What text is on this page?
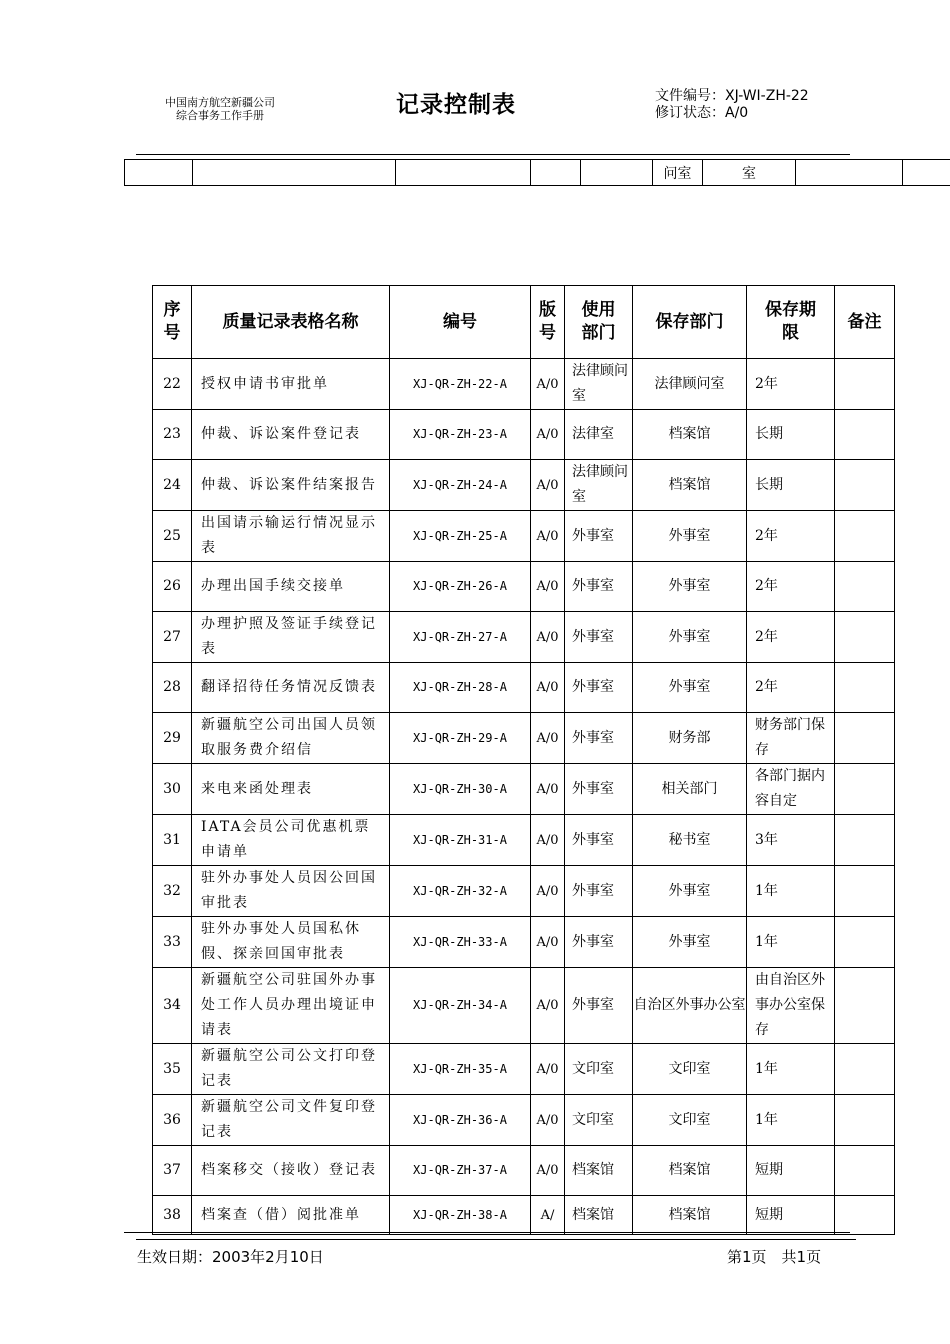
中国南方航空新疆公司
综合事务工作手册	记录控制表	文件编号：XJ-WI-ZH-22
修订状态：A/0
					问室	室		
序号	质量记录表格名称	编号	版号	使用部门	保存部门	保存期限	备注
22	授权申请书审批单	XJ-QR-ZH-22-A	A/0	法律顾问室	法律顾问室	2年	
23	仲裁、诉讼案件登记表	XJ-QR-ZH-23-A	A/0	法律室	档案馆	长期	
24	仲裁、诉讼案件结案报告	XJ-QR-ZH-24-A	A/0	法律顾问室	档案馆	长期	
25	出国请示输运行情况显示表	XJ-QR-ZH-25-A	A/0	外事室	外事室	2年	
26	办理出国手续交接单	XJ-QR-ZH-26-A	A/0	外事室	外事室	2年	
27	办理护照及签证手续登记表	XJ-QR-ZH-27-A	A/0	外事室	外事室	2年	
28	翻译招待任务情况反馈表	XJ-QR-ZH-28-A	A/0	外事室	外事室	2年	
29	新疆航空公司出国人员领取服务费介绍信	XJ-QR-ZH-29-A	A/0	外事室	财务部	财务部门保存	
30	来电来函处理表	XJ-QR-ZH-30-A	A/0	外事室	相关部门	各部门据内容自定	
31	IATA会员公司优惠机票申请单	XJ-QR-ZH-31-A	A/0	外事室	秘书室	3年	
32	驻外办事处人员因公回国审批表	XJ-QR-ZH-32-A	A/0	外事室	外事室	1年	
33	驻外办事处人员国私休假、探亲回国审批表	XJ-QR-ZH-33-A	A/0	外事室	外事室	1年	
34	新疆航空公司驻国外办事处工作人员办理出境证申请表	XJ-QR-ZH-34-A	A/0	外事室	自治区外事办公室	由自治区外事办公室保存	
35	新疆航空公司公文打印登记表	XJ-QR-ZH-35-A	A/0	文印室	文印室	1年	
36	新疆航空公司文件复印登记表	XJ-QR-ZH-36-A	A/0	文印室	文印室	1年	
37	档案移交（接收）登记表	XJ-QR-ZH-37-A	A/0	档案馆	档案馆	短期	
38	档案查（借）阅批准单	XJ-QR-ZH-38-A	A/	档案馆	档案馆	短期	
生效日期：2003年2月10日	第1页　共1页
